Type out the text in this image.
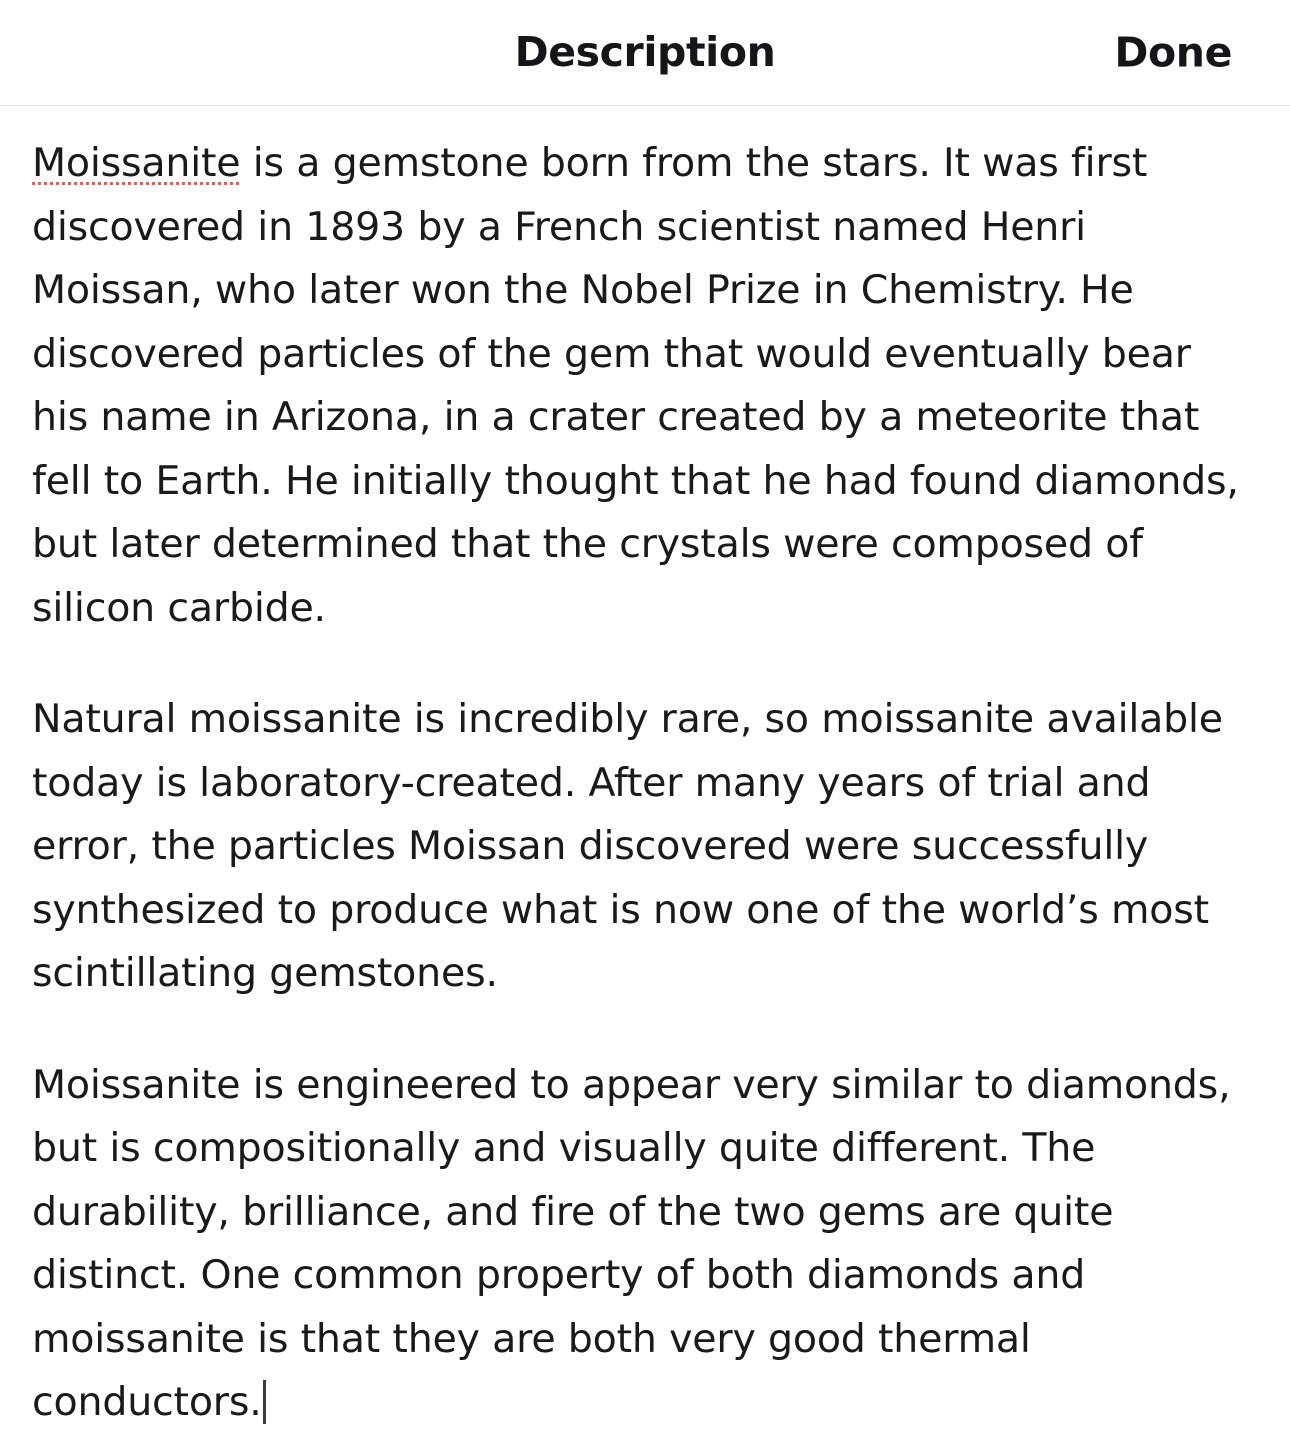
Description	Done

Moissanite is a gemstone born from the stars. It was first discovered in 1893 by a French scientist named Henri Moissan, who later won the Nobel Prize in Chemistry. He discovered particles of the gem that would eventually bear his name in Arizona, in a crater created by a meteorite that fell to Earth. He initially thought that he had found diamonds, but later determined that the crystals were composed of silicon carbide.

Natural moissanite is incredibly rare, so moissanite available today is laboratory-created. After many years of trial and error, the particles Moissan discovered were successfully synthesized to produce what is now one of the world’s most scintillating gemstones.

Moissanite is engineered to appear very similar to diamonds, but is compositionally and visually quite different. The durability, brilliance, and fire of the two gems are quite distinct. One common property of both diamonds and moissanite is that they are both very good thermal conductors.
